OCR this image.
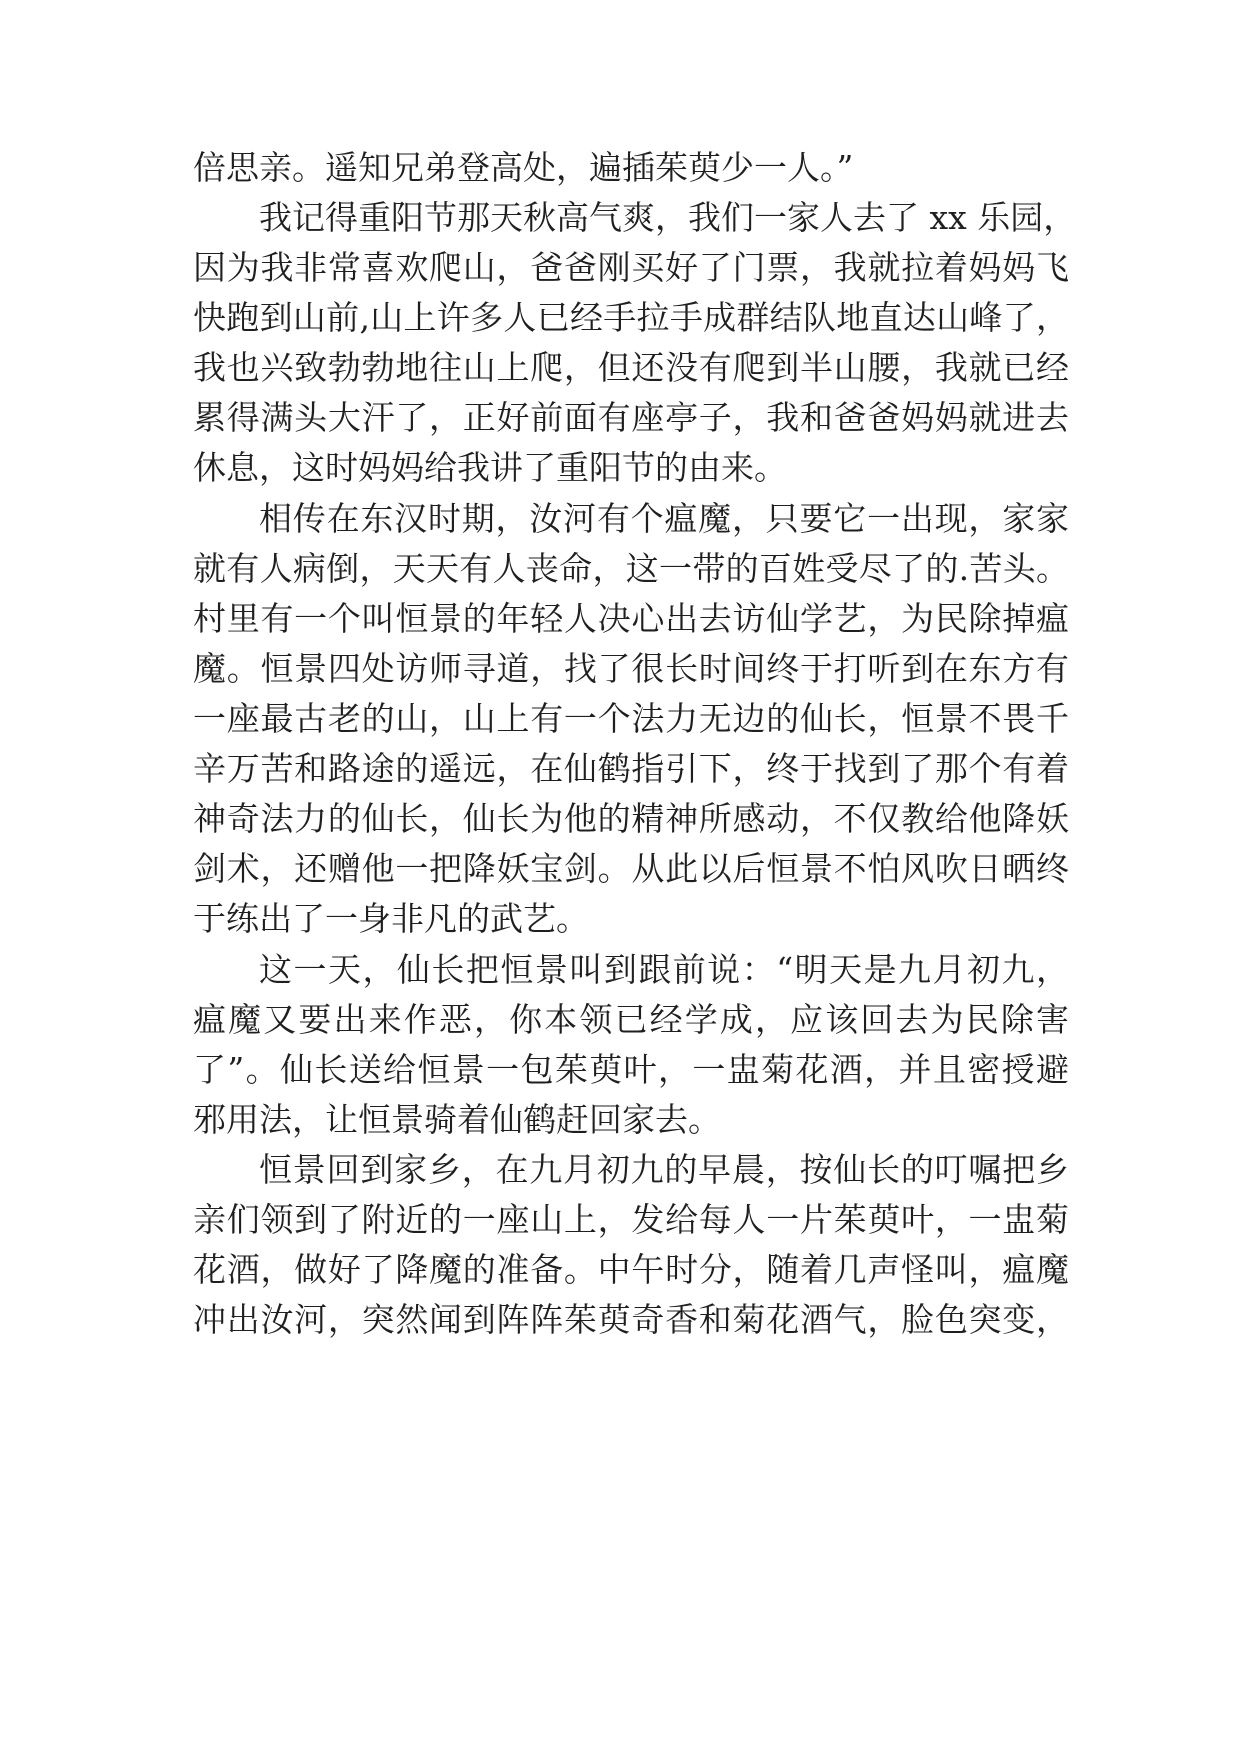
倍思亲。遥知兄弟登高处，遍插茱萸少一人。”
我记得重阳节那天秋高气爽，我们一家人去了 xx 乐园，
因为我非常喜欢爬山，爸爸刚买好了门票，我就拉着妈妈飞
快跑到山前,山上许多人已经手拉手成群结队地直达山峰了，
我也兴致勃勃地往山上爬，但还没有爬到半山腰，我就已经
累得满头大汗了，正好前面有座亭子，我和爸爸妈妈就进去
休息，这时妈妈给我讲了重阳节的由来。
相传在东汉时期，汝河有个瘟魔，只要它一出现，家家
就有人病倒，天天有人丧命，这一带的百姓受尽了的.苦头。
村里有一个叫恒景的年轻人决心出去访仙学艺，为民除掉瘟
魔。恒景四处访师寻道，找了很长时间终于打听到在东方有
一座最古老的山，山上有一个法力无边的仙长，恒景不畏千
辛万苦和路途的遥远，在仙鹤指引下，终于找到了那个有着
神奇法力的仙长，仙长为他的精神所感动，不仅教给他降妖
剑术，还赠他一把降妖宝剑。从此以后恒景不怕风吹日晒终
于练出了一身非凡的武艺。
这一天，仙长把恒景叫到跟前说：“明天是九月初九，
瘟魔又要出来作恶，你本领已经学成，应该回去为民除害
了”。仙长送给恒景一包茱萸叶，一盅菊花酒，并且密授避
邪用法，让恒景骑着仙鹤赶回家去。
恒景回到家乡，在九月初九的早晨，按仙长的叮嘱把乡
亲们领到了附近的一座山上，发给每人一片茱萸叶，一盅菊
花酒，做好了降魔的准备。中午时分，随着几声怪叫，瘟魔
冲出汝河，突然闻到阵阵茱萸奇香和菊花酒气，脸色突变，
